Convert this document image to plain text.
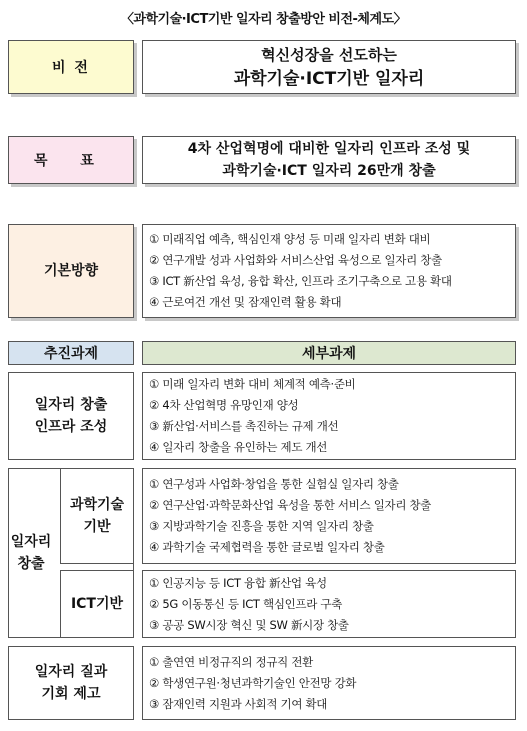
〈과학기술·ICT기반 일자리 창출방안 비전-체계도〉
비 전
혁신성장을 선도하는
과학기술·ICT기반 일자리
목 표
4차 산업혁명에 대비한 일자리 인프라 조성 및
과학기술·ICT 일자리 26만개 창출
기본방향
① 미래직업 예측, 핵심인재 양성 등 미래 일자리 변화 대비
② 연구개발 성과 사업화와 서비스산업 육성으로 일자리 창출
③ ICT 新산업 육성, 융합 확산, 인프라 조기구축으로 고용 확대
④ 근로여건 개선 및 잠재인력 활용 확대
추진과제	세부과제
일자리 창출
인프라 조성
① 미래 일자리 변화 대비 체계적 예측·준비
② 4차 산업혁명 유망인재 양성
③ 新산업·서비스를 촉진하는 규제 개선
④ 일자리 창출을 유인하는 제도 개선
일자리
창출
과학기술
기반
① 연구성과 사업화·창업을 통한 실험실 일자리 창출
② 연구산업·과학문화산업 육성을 통한 서비스 일자리 창출
③ 지방과학기술 진흥을 통한 지역 일자리 창출
④ 과학기술 국제협력을 통한 글로벌 일자리 창출
ICT기반
① 인공지능 등 ICT 융합 新산업 육성
② 5G 이동통신 등 ICT 핵심인프라 구축
③ 공공 SW시장 혁신 및 SW 新시장 창출
일자리 질과
기회 제고
① 출연연 비정규직의 정규직 전환
② 학생연구원·청년과학기술인 안전망 강화
③ 잠재인력 지원과 사회적 기여 확대
